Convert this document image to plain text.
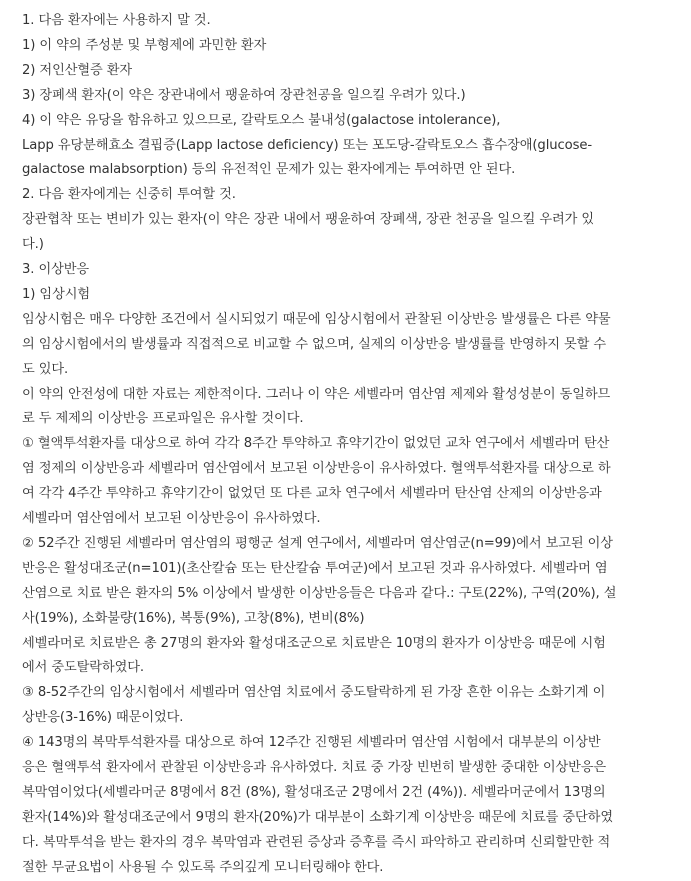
1. 다음 환자에는 사용하지 말 것.
1) 이 약의 주성분 및 부형제에 과민한 환자
2) 저인산혈증 환자
3) 장폐색 환자(이 약은 장관내에서 팽윤하여 장관천공을 일으킬 우려가 있다.)
4) 이 약은 유당을 함유하고 있으므로, 갈락토오스 불내성(galactose intolerance),
Lapp 유당분해효소 결핍증(Lapp lactose deficiency) 또는 포도당-갈락토오스 흡수장애(glucose-
galactose malabsorption) 등의 유전적인 문제가 있는 환자에게는 투여하면 안 된다.
2. 다음 환자에게는 신중히 투여할 것.
장관협착 또는 변비가 있는 환자(이 약은 장관 내에서 팽윤하여 장폐색, 장관 천공을 일으킬 우려가 있
다.)
3. 이상반응
1) 임상시험
임상시험은 매우 다양한 조건에서 실시되었기 때문에 임상시험에서 관찰된 이상반응 발생률은 다른 약물
의 임상시험에서의 발생률과 직접적으로 비교할 수 없으며, 실제의 이상반응 발생률를 반영하지 못할 수
도 있다.
이 약의 안전성에 대한 자료는 제한적이다. 그러나 이 약은 세벨라머 염산염 제제와 활성성분이 동일하므
로 두 제제의 이상반응 프로파일은 유사할 것이다.
① 혈액투석환자를 대상으로 하여 각각 8주간 투약하고 휴약기간이 없었던 교차 연구에서 세벨라머 탄산
염 정제의 이상반응과 세벨라머 염산염에서 보고된 이상반응이 유사하였다. 혈액투석환자를 대상으로 하
여 각각 4주간 투약하고 휴약기간이 없었던 또 다른 교차 연구에서 세벨라머 탄산염 산제의 이상반응과
세벨라머 염산염에서 보고된 이상반응이 유사하였다.
② 52주간 진행된 세벨라머 염산염의 평행군 설계 연구에서, 세벨라머 염산염군(n=99)에서 보고된 이상
반응은 활성대조군(n=101)(초산칼슘 또는 탄산칼슘 투여군)에서 보고된 것과 유사하였다. 세벨라머 염
산염으로 치료 받은 환자의 5% 이상에서 발생한 이상반응들은 다음과 같다.: 구토(22%), 구역(20%), 설
사(19%), 소화불량(16%), 복통(9%), 고창(8%), 변비(8%)
세벨라머로 치료받은 총 27명의 환자와 활성대조군으로 치료받은 10명의 환자가 이상반응 때문에 시험
에서 중도탈락하였다.
③ 8-52주간의 임상시험에서 세벨라머 염산염 치료에서 중도탈락하게 된 가장 흔한 이유는 소화기계 이
상반응(3-16%) 때문이었다.
④ 143명의 복막투석환자를 대상으로 하여 12주간 진행된 세벨라머 염산염 시험에서 대부분의 이상반
응은 혈액투석 환자에서 관찰된 이상반응과 유사하였다. 치료 중 가장 빈번히 발생한 중대한 이상반응은
복막염이었다(세벨라머군 8명에서 8건 (8%), 활성대조군 2명에서 2건 (4%)). 세벨라머군에서 13명의
환자(14%)와 활성대조군에서 9명의 환자(20%)가 대부분이 소화기계 이상반응 때문에 치료를 중단하였
다. 복막투석을 받는 환자의 경우 복막염과 관련된 증상과 증후를 즉시 파악하고 관리하며 신뢰할만한 적
절한 무균요법이 사용될 수 있도록 주의깊게 모니터링해야 한다.
